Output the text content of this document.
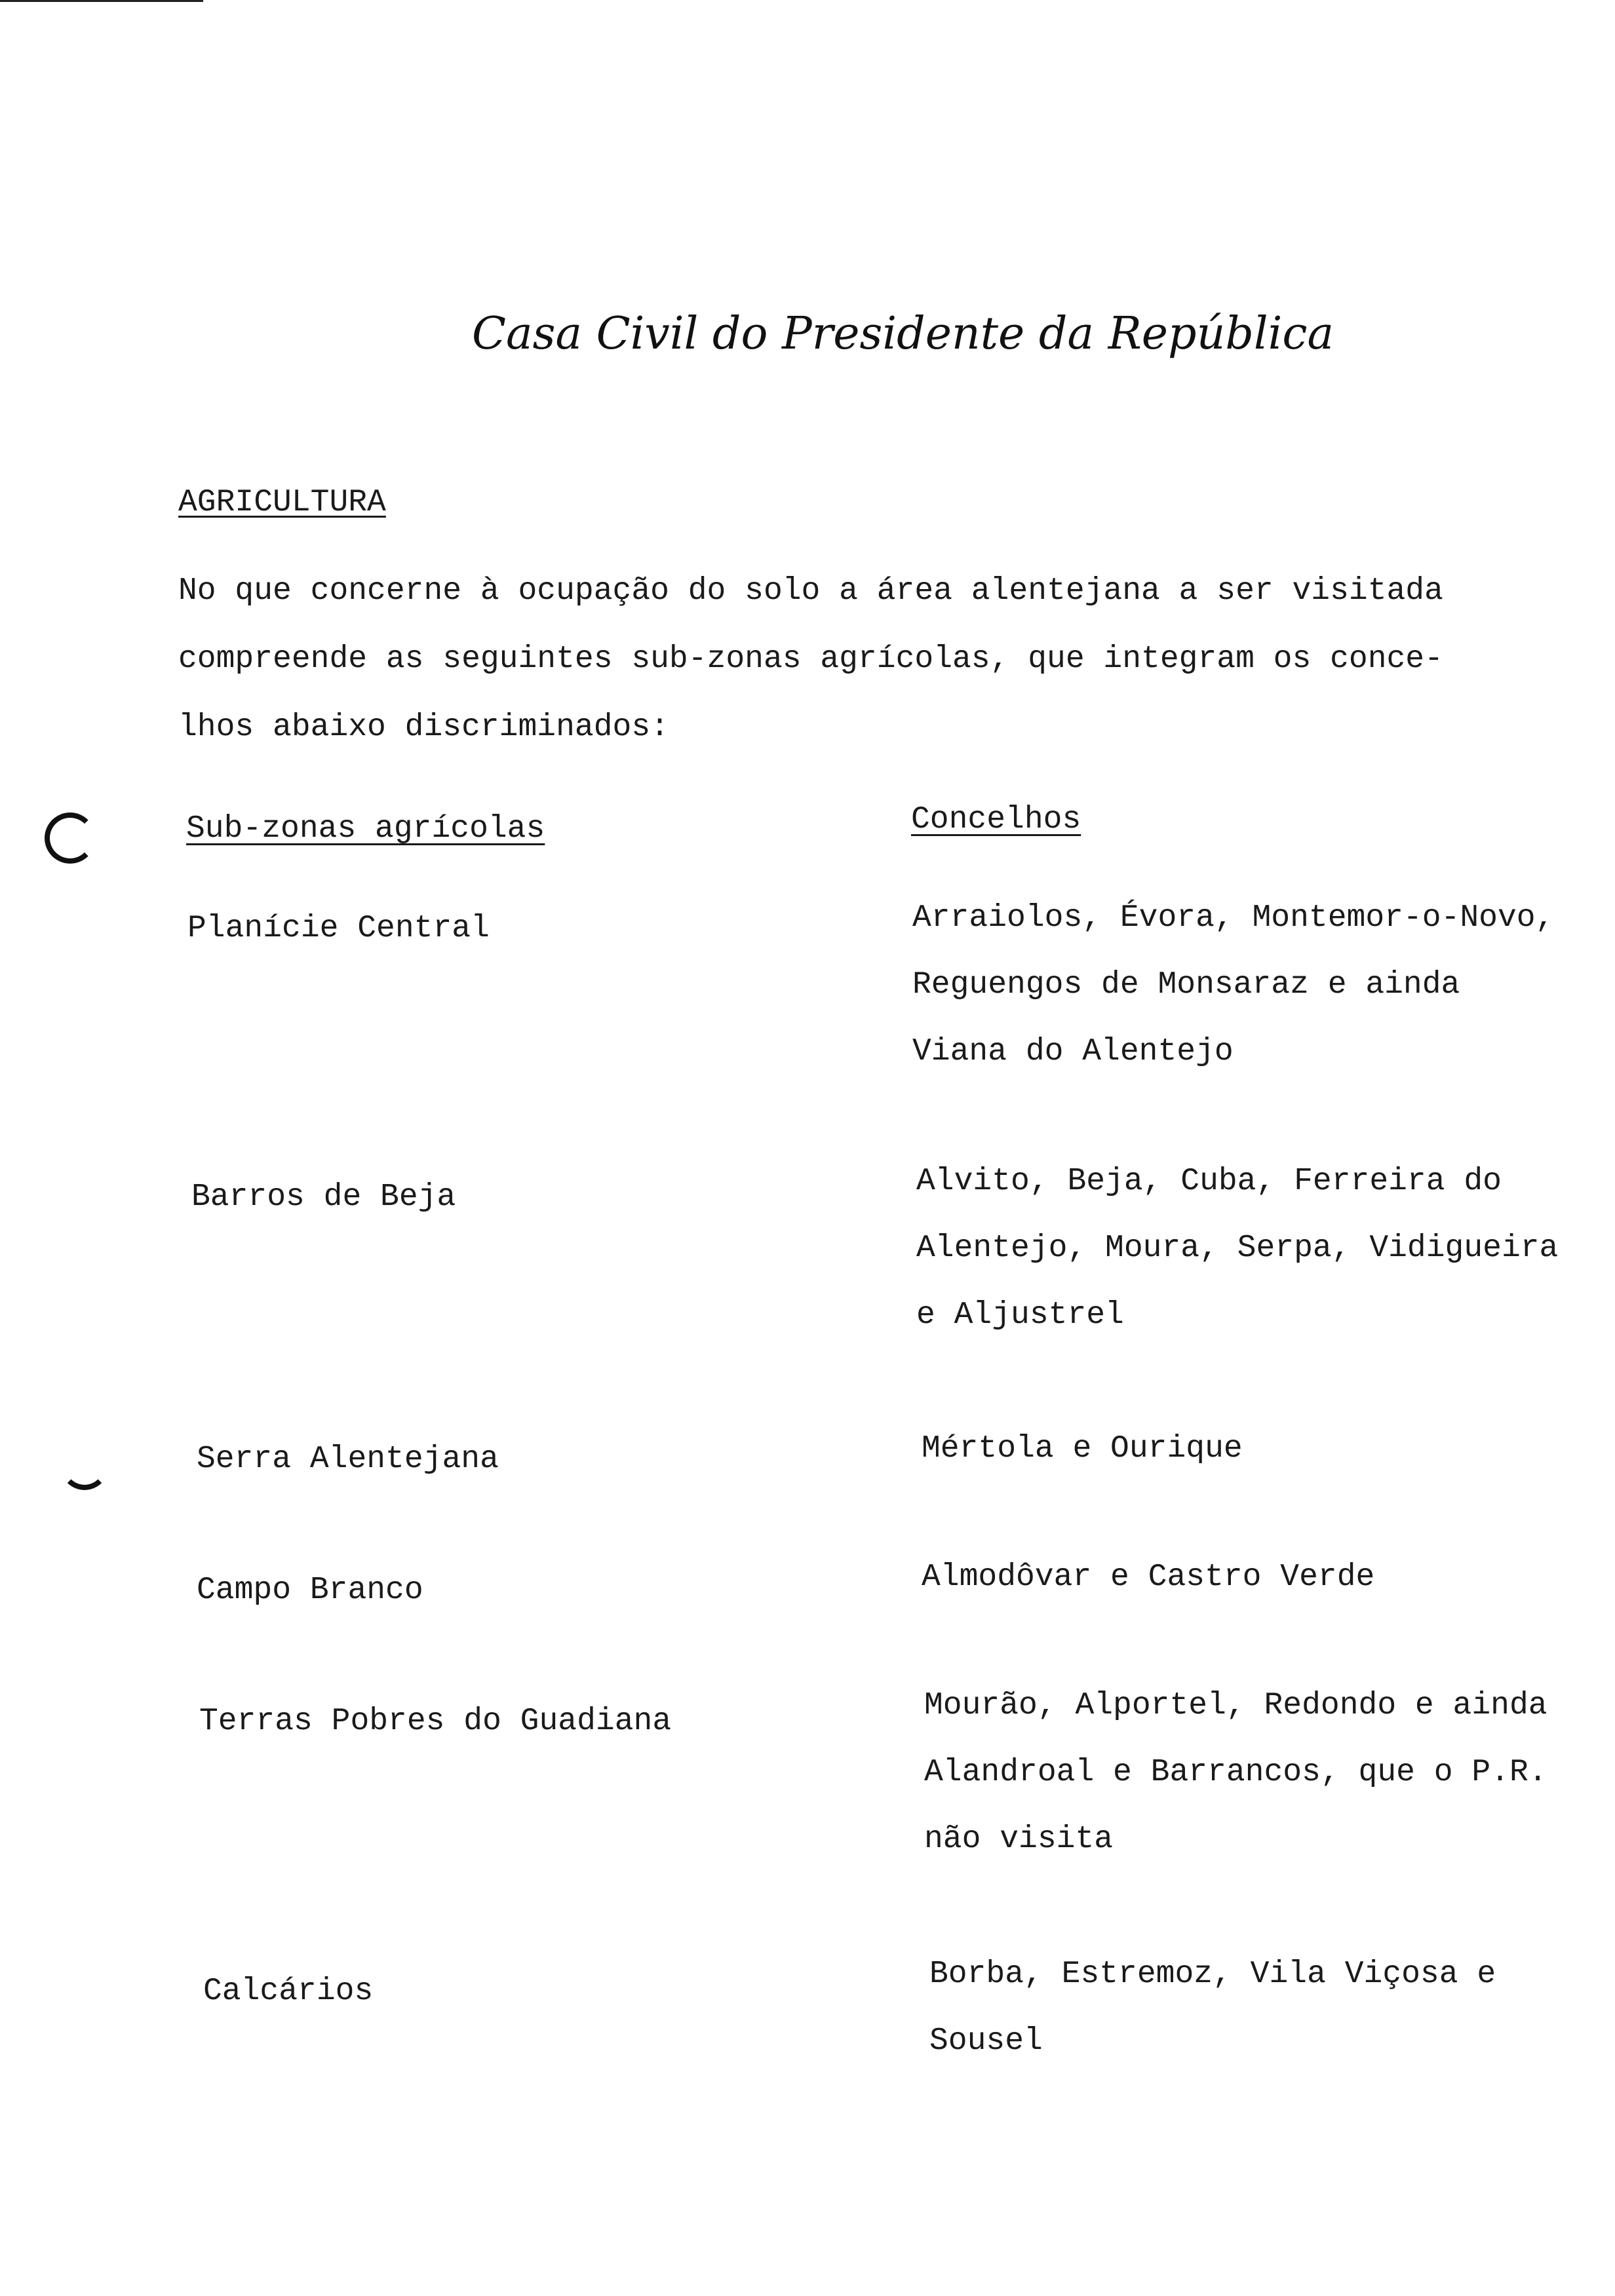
Casa Civil do Presidente da República
AGRICULTURA

No que concerne à ocupação do solo a área alentejana a ser visitada
compreende as seguintes sub-zonas agrícolas, que integram os conce-
lhos abaixo discriminados:

Sub-zonas agrícolas	Concelhos
Planície Central	Arraiolos, Évora, Montemor-o-Novo,
Reguengos de Monsaraz e ainda
Viana do Alentejo
Barros de Beja	Alvito, Beja, Cuba, Ferreira do
Alentejo, Moura, Serpa, Vidigueira
e Aljustrel
Serra Alentejana	Mértola e Ourique
Campo Branco	Almodôvar e Castro Verde
Terras Pobres do Guadiana	Mourão, Alportel, Redondo e ainda
Alandroal e Barrancos, que o P.R.
não visita
Calcários	Borba, Estremoz, Vila Viçosa e
Sousel
